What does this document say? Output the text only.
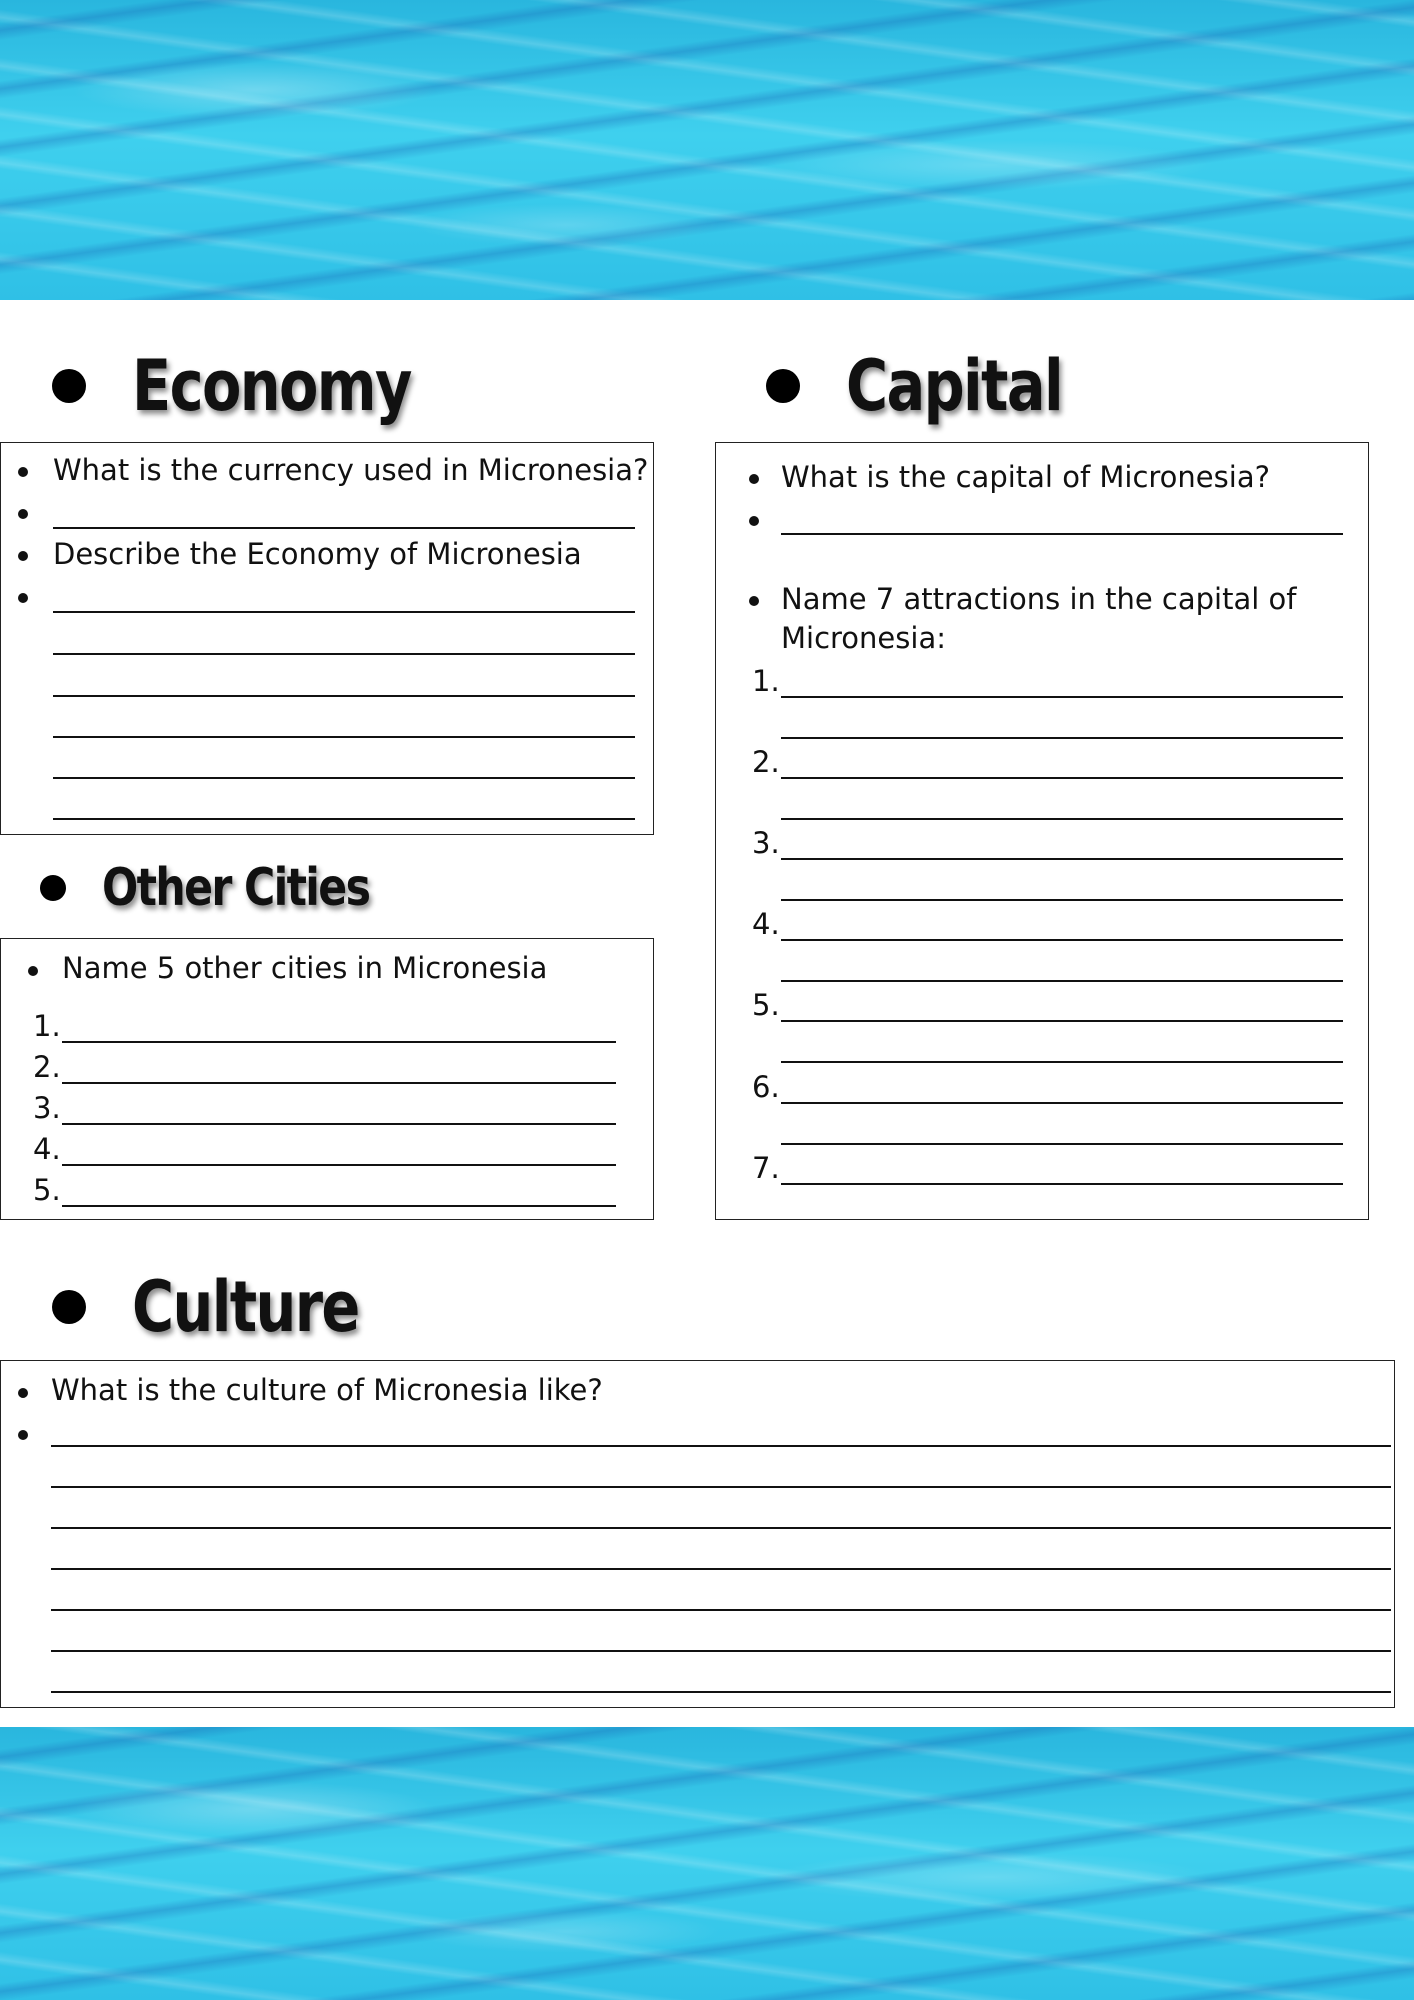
Economy
What is the currency used in Micronesia?
Describe the Economy of Micronesia
Other Cities
Name 5 other cities in Micronesia
1.
2.
3.
4.
5.
Capital
What is the capital of Micronesia?
Name 7 attractions in the capital of
Micronesia:
1.
2.
3.
4.
5.
6.
7.
Culture
What is the culture of Micronesia like?
